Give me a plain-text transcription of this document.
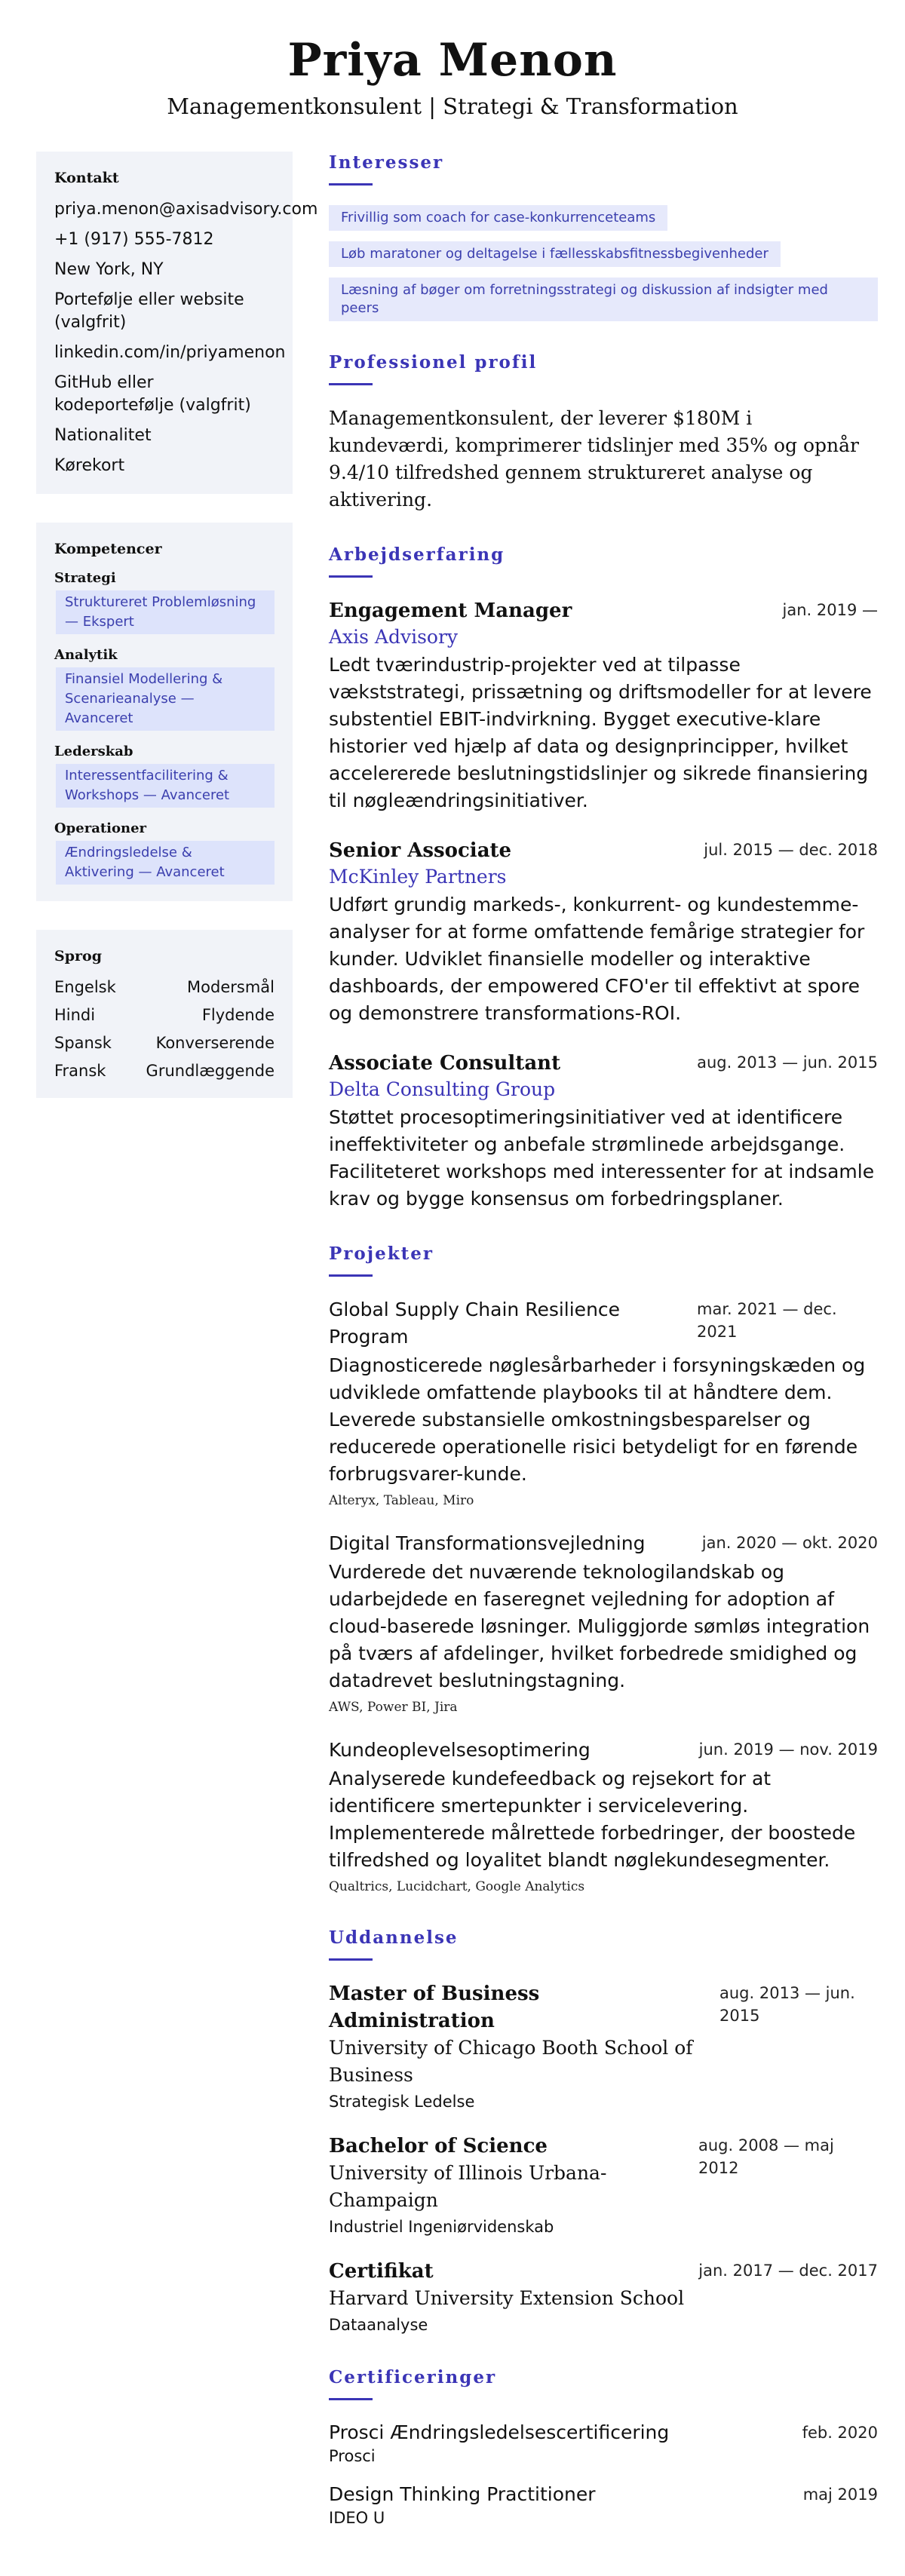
Priya Menon
Managementkonsulent | Strategi & Transformation
Kontakt
priya.menon@axisadvisory.com
+1 (917) 555-7812
New York, NY
Portefølje eller website (valgfrit)
linkedin.com/in/priyamenon
GitHub eller kodeportefølje (valgfrit)
Nationalitet
Kørekort
Kompetencer
Strategi
Struktureret Problemløsning — Ekspert
Analytik
Finansiel Modellering & Scenarieanalyse — Avanceret
Lederskab
Interessentfacilitering & Workshops — Avanceret
Operationer
Ændringsledelse & Aktivering — Avanceret
Sprog
Engelsk	Modersmål
Hindi	Flydende
Spansk	Konverserende
Fransk	Grundlæggende
Interesser
Frivillig som coach for case-konkurrenceteams
Løb maratoner og deltagelse i fællesskabsfitnessbegivenheder
Læsning af bøger om forretningsstrategi og diskussion af indsigter med peers
Professionel profil

Managementkonsulent, der leverer $180M i kundeværdi, komprimerer tidslinjer med 35% og opnår 9.4/10 tilfredshed gennem struktureret analyse og aktivering.

Arbejdserfaring
Engagement Manager	jan. 2019 —
Axis Advisory

Ledt tværindustrip-projekter ved at tilpasse vækststrategi, prissætning og driftsmodeller for at levere substentiel EBIT-indvirkning. Bygget executive-klare historier ved hjælp af data og designprincipper, hvilket accelererede beslutningstidslinjer og sikrede finansiering til nøgleændringsinitiativer.

Senior Associate	jul. 2015 — dec. 2018
McKinley Partners

Udført grundig markeds-, konkurrent- og kundestemme-analyser for at forme omfattende femårige strategier for kunder. Udviklet finansielle modeller og interaktive dashboards, der empowered CFO'er til effektivt at spore og demonstrere transformations-ROI.

Associate Consultant	aug. 2013 — jun. 2015
Delta Consulting Group

Støttet procesoptimeringsinitiativer ved at identificere ineffektiviteter og anbefale strømlinede arbejdsgange. Faciliteteret workshops med interessenter for at indsamle krav og bygge konsensus om forbedringsplaner.

Projekter
Global Supply Chain Resilience Program
mar. 2021 — dec. 2021

Diagnosticerede nøglesårbarheder i forsyningskæden og udviklede omfattende playbooks til at håndtere dem. Leverede substansielle omkostningsbesparelser og reducerede operationelle risici betydeligt for en førende forbrugsvarer-kunde.

Alteryx, Tableau, Miro
Digital Transformationsvejledning	jan. 2020 — okt. 2020

Vurderede det nuværende teknologilandskab og udarbejdede en faseregnet vejledning for adoption af cloud-baserede løsninger. Muliggjorde sømløs integration på tværs af afdelinger, hvilket forbedrede smidighed og datadrevet beslutningstagning.

AWS, Power BI, Jira
Kundeoplevelsesoptimering	jun. 2019 — nov. 2019

Analyserede kundefeedback og rejsekort for at identificere smertepunkter i servicelevering. Implementerede målrettede forbedringer, der boostede tilfredshed og loyalitet blandt nøglekundesegmenter.

Qualtrics, Lucidchart, Google Analytics
Uddannelse
Master of Business Administration
University of Chicago Booth School of Business
Strategisk Ledelse
aug. 2013 — jun. 2015
Bachelor of Science
University of Illinois Urbana-Champaign
Industriel Ingeniørvidenskab
aug. 2008 — maj 2012
Certifikat
Harvard University Extension School
Dataanalyse
jan. 2017 — dec. 2017
Certificeringer
Prosci Ændringsledelsescertificering	feb. 2020
Prosci
Design Thinking Practitioner	maj 2019
IDEO U
